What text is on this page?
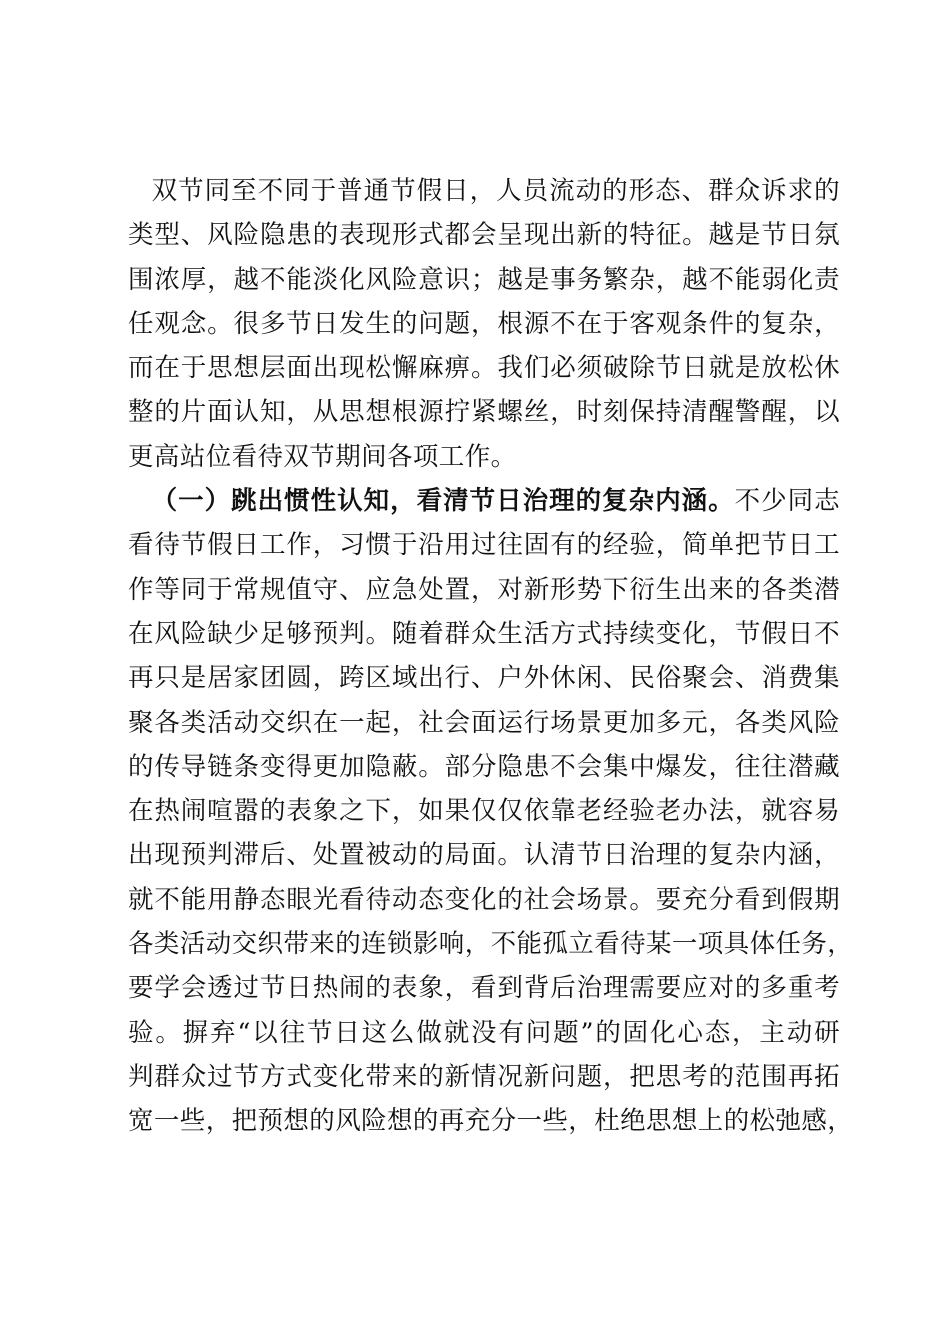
双节同至不同于普通节假日，人员流动的形态、群众诉求的
类型、风险隐患的表现形式都会呈现出新的特征。越是节日氛
围浓厚，越不能淡化风险意识；越是事务繁杂，越不能弱化责
任观念。很多节日发生的问题，根源不在于客观条件的复杂，
而在于思想层面出现松懈麻痹。我们必须破除节日就是放松休
整的片面认知，从思想根源拧紧螺丝，时刻保持清醒警醒，以
更高站位看待双节期间各项工作。
（一）跳出惯性认知，看清节日治理的复杂内涵。不少同志
看待节假日工作，习惯于沿用过往固有的经验，简单把节日工
作等同于常规值守、应急处置，对新形势下衍生出来的各类潜
在风险缺少足够预判。随着群众生活方式持续变化，节假日不
再只是居家团圆，跨区域出行、户外休闲、民俗聚会、消费集
聚各类活动交织在一起，社会面运行场景更加多元，各类风险
的传导链条变得更加隐蔽。部分隐患不会集中爆发，往往潜藏
在热闹喧嚣的表象之下，如果仅仅依靠老经验老办法，就容易
出现预判滞后、处置被动的局面。认清节日治理的复杂内涵，
就不能用静态眼光看待动态变化的社会场景。要充分看到假期
各类活动交织带来的连锁影响，不能孤立看待某一项具体任务，
要学会透过节日热闹的表象，看到背后治理需要应对的多重考
验。摒弃“以往节日这么做就没有问题”的固化心态，主动研
判群众过节方式变化带来的新情况新问题，把思考的范围再拓
宽一些，把预想的风险想的再充分一些，杜绝思想上的松弛感，
